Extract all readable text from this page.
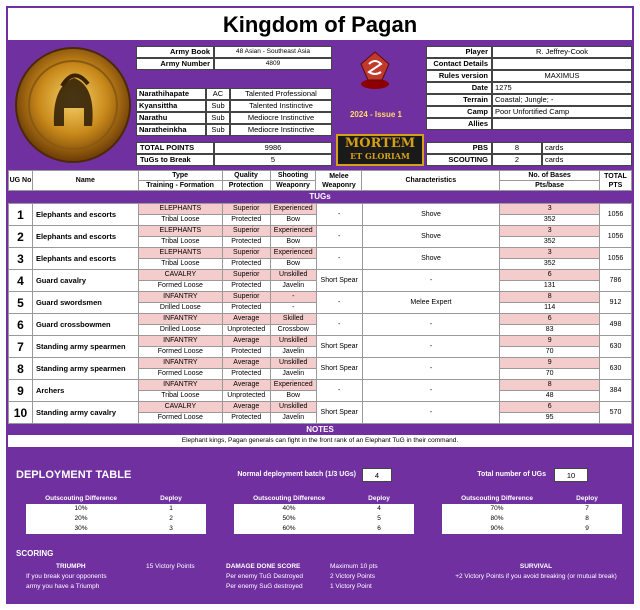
Kingdom of Pagan
Army Book	48 Asian - Southeast Asia
Army Number	4809
Narathihapate	AC	Talented Professional
Kyansittha	Sub	Talented Instinctive
Narathu	Sub	Mediocre Instinctive
Naratheinkha	Sub	Mediocre Instinctive
TOTAL POINTS	9986
TuGs to Break	5
2024 - Issue 1
MORTEM
ET GLORIAM
Player	R. Jeffrey-Cook
Contact Details
Rules version	MAXIMUS
Date 1275
Terrain Coastal; Jungle; -
Camp Poor Unfortified Camp
Allies
PBS	8	cards
SCOUTING	2	cards
UG No	Name	Type	Quality	Shooting	Melee Weaponry	Characteristics	No. of Bases	TOTAL PTS
		Training - Formation	Protection	Weaponry			Pts/base	
TUGs
1	Elephants and escorts	ELEPHANTS	Superior	Experienced	-	Shove	3	1056
		Tribal Loose	Protected	Bow			352	
2	Elephants and escorts	ELEPHANTS	Superior	Experienced	-	Shove	3	1056
		Tribal Loose	Protected	Bow			352	
3	Elephants and escorts	ELEPHANTS	Superior	Experienced	-	Shove	3	1056
		Tribal Loose	Protected	Bow			352	
4	Guard cavalry	CAVALRY	Superior	Unskilled	Short Spear	-	6	786
		Formed Loose	Protected	Javelin			131	
5	Guard swordsmen	INFANTRY	Superior	-	-	Melee Expert	8	912
		Drilled Loose	Protected	-			114	
6	Guard crossbowmen	INFANTRY	Average	Skilled	-	-	6	498
		Drilled Loose	Unprotected	Crossbow			83	
7	Standing army spearmen	INFANTRY	Average	Unskilled	Short Spear	-	9	630
		Formed Loose	Protected	Javelin			70	
8	Standing army spearmen	INFANTRY	Average	Unskilled	Short Spear	-	9	630
		Formed Loose	Protected	Javelin			70	
9	Archers	INFANTRY	Average	Experienced	-	-	8	384
		Tribal Loose	Unprotected	Bow			48	
10	Standing army cavalry	CAVALRY	Average	Unskilled	Short Spear	-	6	570
		Formed Loose	Protected	Javelin			95	
NOTES
Elephant kings, Pagan generals can fight in the front rank of an Elephant TuG in their command.
DEPLOYMENT TABLE	Normal deployment batch (1/3 UGs)	4	Total number of UGs	10
Outscouting Difference	Deploy
10%	1
20%	2
30%	3
Outscouting Difference	Deploy
40%	4
50%	5
60%	6
Outscouting Difference	Deploy
70%	7
80%	8
90%	9
SCORING
TRIUMPH	15 Victory Points	DAMAGE DONE SCORE	Maximum 10 pts	SURVIVAL
If you break your opponents		Per enemy TuG Destroyed	2 Victory Points	+2 Victory Points if you avoid breaking (or mutual break)
army you have a Triumph		Per enemy SuG destroyed	1 Victory Point	
